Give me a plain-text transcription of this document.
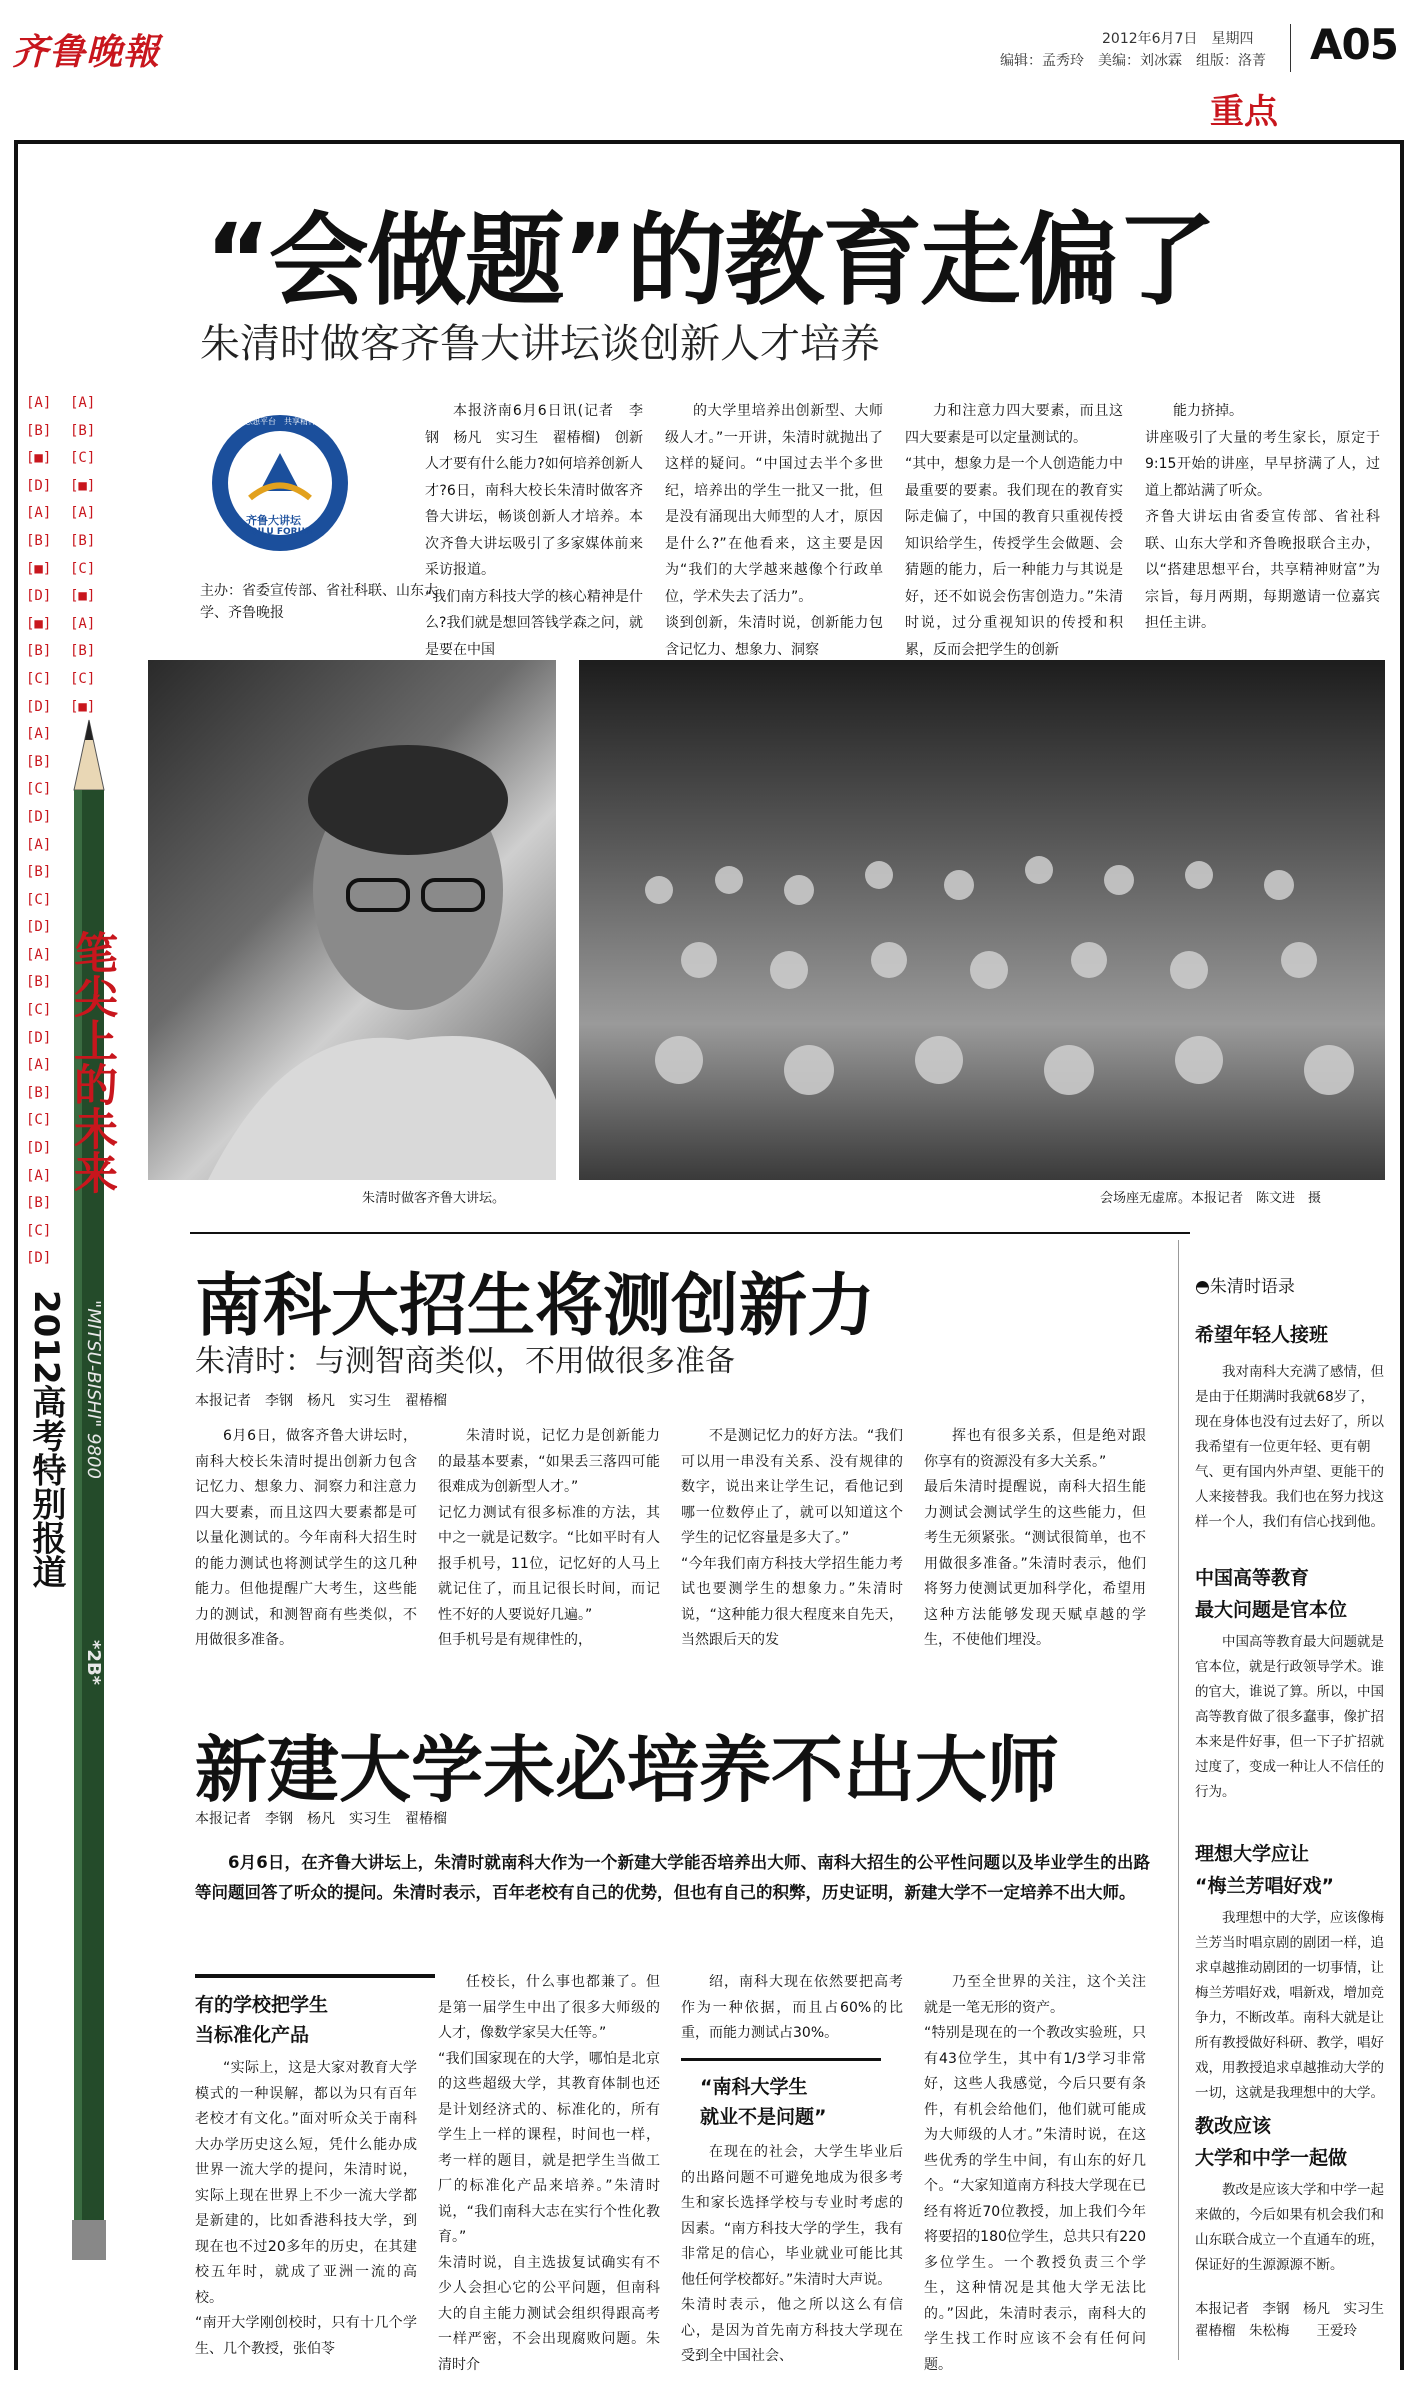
齐鲁晚報	2012年6月7日　星期四
编辑：孟秀玲　美编：刘冰霖　组版：洛菁 A05
重点
[A]
[B]
[■]
[D]
[A]
[B]
[■]
[D]
[■]
[B]
[C]
[D]
[A]
[B]
[C]
[D]
[A]
[B]
[C]
[D]
[A]
[B]
[C]
[D]
[A]
[B]
[C]
[D]
[A]
[B]
[C]
[D]
[A]
[B]
[C]
[■]
[A]
[B]
[C]
[■]
[A]
[B]
[C]
[■]
笔尖上的未来
2012高考特别报道 "MITSU-BISHI" 9800
*2B*
“会做题”的教育走偏了
朱清时做客齐鲁大讲坛谈创新人才培养
齐鲁大讲坛
QILU FORUM
搭建思想平台　共享精神财富
主办：省委宣传部、省社科联、山东大学、齐鲁晚报

本报济南6月6日讯(记者　李钢　杨凡　实习生　翟椿榴)　创新人才要有什么能力?如何培养创新人才?6日，南科大校长朱清时做客齐鲁大讲坛，畅谈创新人才培养。本次齐鲁大讲坛吸引了多家媒体前来采访报道。
“我们南方科技大学的核心精神是什么?我们就是想回答钱学森之问，就是要在中国

的大学里培养出创新型、大师级人才。”一开讲，朱清时就抛出了这样的疑问。“中国过去半个多世纪，培养出的学生一批又一批，但是没有涌现出大师型的人才，原因是什么?”在他看来，这主要是因为“我们的大学越来越像个行政单位，学术失去了活力”。
谈到创新，朱清时说，创新能力包含记忆力、想象力、洞察

力和注意力四大要素，而且这四大要素是可以定量测试的。
“其中，想象力是一个人创造能力中最重要的要素。我们现在的教育实际走偏了，中国的教育只重视传授知识给学生，传授学生会做题、会猜题的能力，后一种能力与其说是好，还不如说会伤害创造力。”朱清时说，过分重视知识的传授和积累，反而会把学生的创新

能力挤掉。
讲座吸引了大量的考生家长，原定于9:15开始的讲座，早早挤满了人，过道上都站满了听众。
齐鲁大讲坛由省委宣传部、省社科联、山东大学和齐鲁晚报联合主办，以“搭建思想平台，共享精神财富”为宗旨，每月两期，每期邀请一位嘉宾担任主讲。

朱清时做客齐鲁大讲坛。	会场座无虚席。本报记者　陈文进　摄
南科大招生将测创新力
朱清时：与测智商类似，不用做很多准备
本报记者　李钢　杨凡　实习生　翟椿榴

6月6日，做客齐鲁大讲坛时，南科大校长朱清时提出创新力包含记忆力、想象力、洞察力和注意力四大要素，而且这四大要素都是可以量化测试的。今年南科大招生时的能力测试也将测试学生的这几种能力。但他提醒广大考生，这些能力的测试，和测智商有些类似，不用做很多准备。

朱清时说，记忆力是创新能力的最基本要素，“如果丢三落四可能很难成为创新型人才。”
记忆力测试有很多标准的方法，其中之一就是记数字。“比如平时有人报手机号，11位，记忆好的人马上就记住了，而且记很长时间，而记性不好的人要说好几遍。”
但手机号是有规律性的，

不是测记忆力的好方法。“我们可以用一串没有关系、没有规律的数字，说出来让学生记，看他记到哪一位数停止了，就可以知道这个学生的记忆容量是多大了。”
“今年我们南方科技大学招生能力考试也要测学生的想象力。”朱清时说，“这种能力很大程度来自先天，当然跟后天的发

挥也有很多关系，但是绝对跟你享有的资源没有多大关系。”
最后朱清时提醒说，南科大招生能力测试会测试学生的这些能力，但考生无须紧张。“测试很简单，也不用做很多准备。”朱清时表示，他们将努力使测试更加科学化，希望用这种方法能够发现天赋卓越的学生，不使他们埋没。

新建大学未必培养不出大师
本报记者　李钢　杨凡　实习生　翟椿榴

6月6日，在齐鲁大讲坛上，朱清时就南科大作为一个新建大学能否培养出大师、南科大招生的公平性问题以及毕业学生的出路等问题回答了听众的提问。朱清时表示，百年老校有自己的优势，但也有自己的积弊，历史证明，新建大学不一定培养不出大师。

有的学校把学生
当标准化产品

“实际上，这是大家对教育大学模式的一种误解，都以为只有百年老校才有文化。”面对听众关于南科大办学历史这么短，凭什么能办成世界一流大学的提问，朱清时说，实际上现在世界上不少一流大学都是新建的，比如香港科技大学，到现在也不过20多年的历史，在其建校五年时，就成了亚洲一流的高校。
“南开大学刚创校时，只有十几个学生、几个教授，张伯苓

任校长，什么事也都兼了。但是第一届学生中出了很多大师级的人才，像数学家吴大任等。”
“我们国家现在的大学，哪怕是北京的这些超级大学，其教育体制也还是计划经济式的、标准化的，所有学生上一样的课程，时间也一样，考一样的题目，就是把学生当做工厂的标准化产品来培养。”朱清时说，“我们南科大志在实行个性化教育。”
朱清时说，自主选拔复试确实有不少人会担心它的公平问题，但南科大的自主能力测试会组织得跟高考一样严密，不会出现腐败问题。朱清时介

绍，南科大现在依然要把高考作为一种依据，而且占60%的比重，而能力测试占30%。

“南科大学生
就业不是问题”

在现在的社会，大学生毕业后的出路问题不可避免地成为很多考生和家长选择学校与专业时考虑的因素。“南方科技大学的学生，我有非常足的信心，毕业就业可能比其他任何学校都好。”朱清时大声说。
朱清时表示，他之所以这么有信心，是因为首先南方科技大学现在受到全中国社会、

乃至全世界的关注，这个关注就是一笔无形的资产。
“特别是现在的一个教改实验班，只有43位学生，其中有1/3学习非常好，这些人我感觉，今后只要有条件，有机会给他们，他们就可能成为大师级的人才。”朱清时说，在这些优秀的学生中间，有山东的好几个。“大家知道南方科技大学现在已经有将近70位教授，加上我们今年将要招的180位学生，总共只有220多位学生。一个教授负责三个学生，这种情况是其他大学无法比的。”因此，朱清时表示，南科大的学生找工作时应该不会有任何问题。

◓朱清时语录
希望年轻人接班

我对南科大充满了感情，但是由于任期满时我就68岁了，现在身体也没有过去好了，所以我希望有一位更年轻、更有朝气、更有国内外声望、更能干的人来接替我。我们也在努力找这样一个人，我们有信心找到他。

中国高等教育
最大问题是官本位

中国高等教育最大问题就是官本位，就是行政领导学术。谁的官大，谁说了算。所以，中国高等教育做了很多蠢事，像扩招本来是件好事，但一下子扩招就过度了，变成一种让人不信任的行为。

理想大学应让
“梅兰芳唱好戏”

我理想中的大学，应该像梅兰芳当时唱京剧的剧团一样，追求卓越推动剧团的一切事情，让梅兰芳唱好戏，唱新戏，增加竞争力，不断改革。南科大就是让所有教授做好科研、教学，唱好戏，用教授追求卓越推动大学的一切，这就是我理想中的大学。

教改应该
大学和中学一起做

教改是应该大学和中学一起来做的，今后如果有机会我们和山东联合成立一个直通车的班，保证好的生源源源不断。

本报记者　李钢　杨凡　实习生　翟椿榴　朱松梅　　王爱玲
